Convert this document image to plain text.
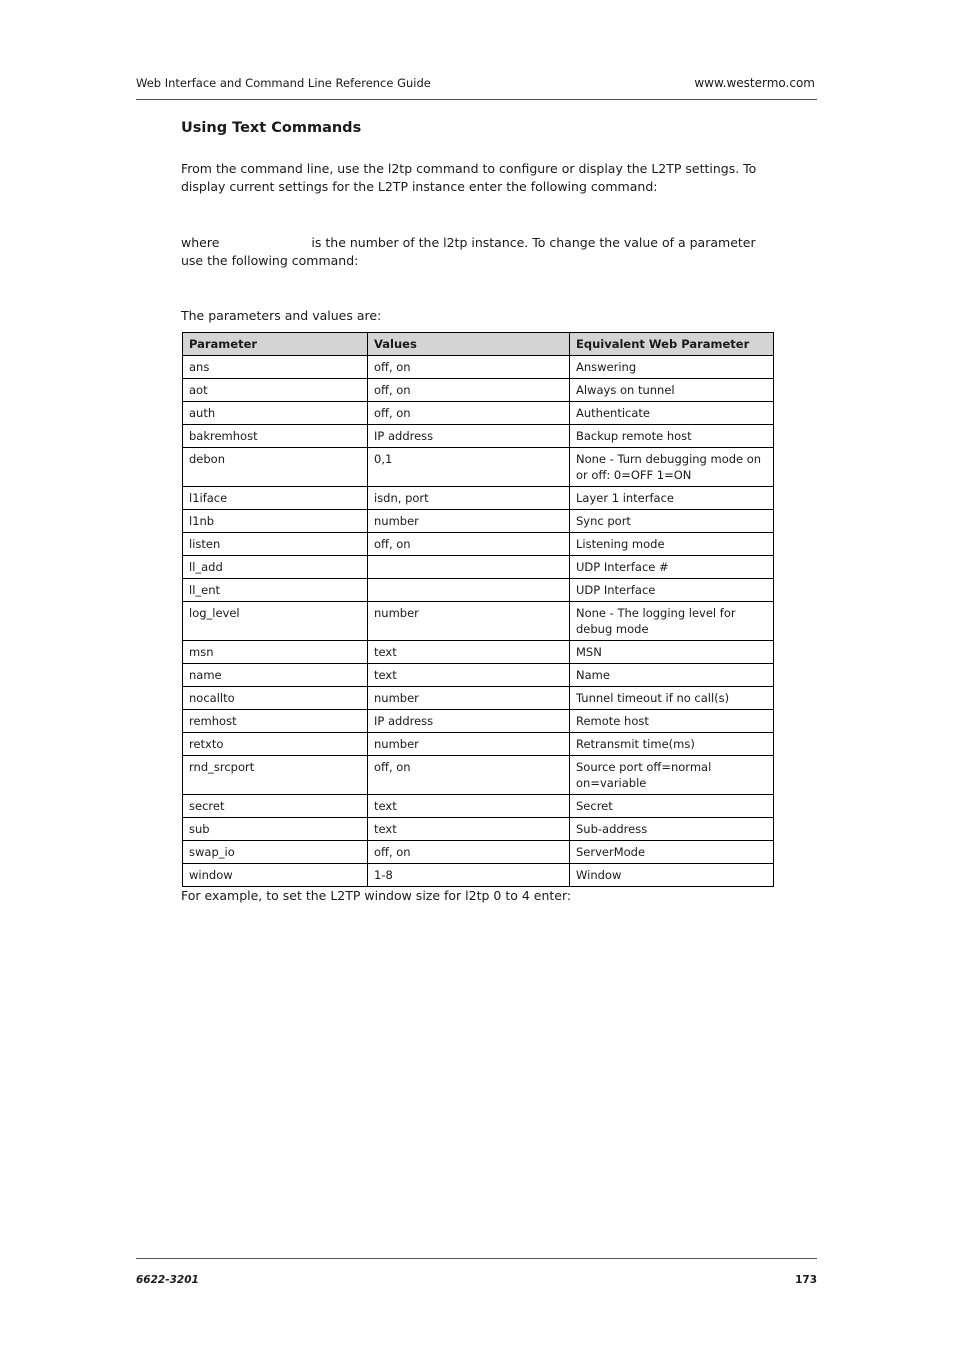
Web Interface and Command Line Reference Guide	www.westermo.com
Using Text Commands
From the command line, use the l2tp command to configure or display the L2TP settings. To display current settings for the L2TP instance enter the following command:
where	is the number of the l2tp instance. To change the value of a parameter use the following command:
The parameters and values are:
Parameter	Values	Equivalent Web Parameter
ans	off, on	Answering
aot	off, on	Always on tunnel
auth	off, on	Authenticate
bakremhost	IP address	Backup remote host
debon	0,1	None - Turn debugging mode on or off: 0=OFF 1=ON
l1iface	isdn, port	Layer 1 interface
l1nb	number	Sync port
listen	off, on	Listening mode
ll_add		UDP Interface #
ll_ent		UDP Interface
log_level	number	None - The logging level for debug mode
msn	text	MSN
name	text	Name
nocallto	number	Tunnel timeout if no call(s)
remhost	IP address	Remote host
retxto	number	Retransmit time(ms)
rnd_srcport	off, on	Source port off=normal on=variable
secret	text	Secret
sub	text	Sub-address
swap_io	off, on	ServerMode
window	1-8	Window
For example, to set the L2TP window size for l2tp 0 to 4 enter:
6622-3201	173
